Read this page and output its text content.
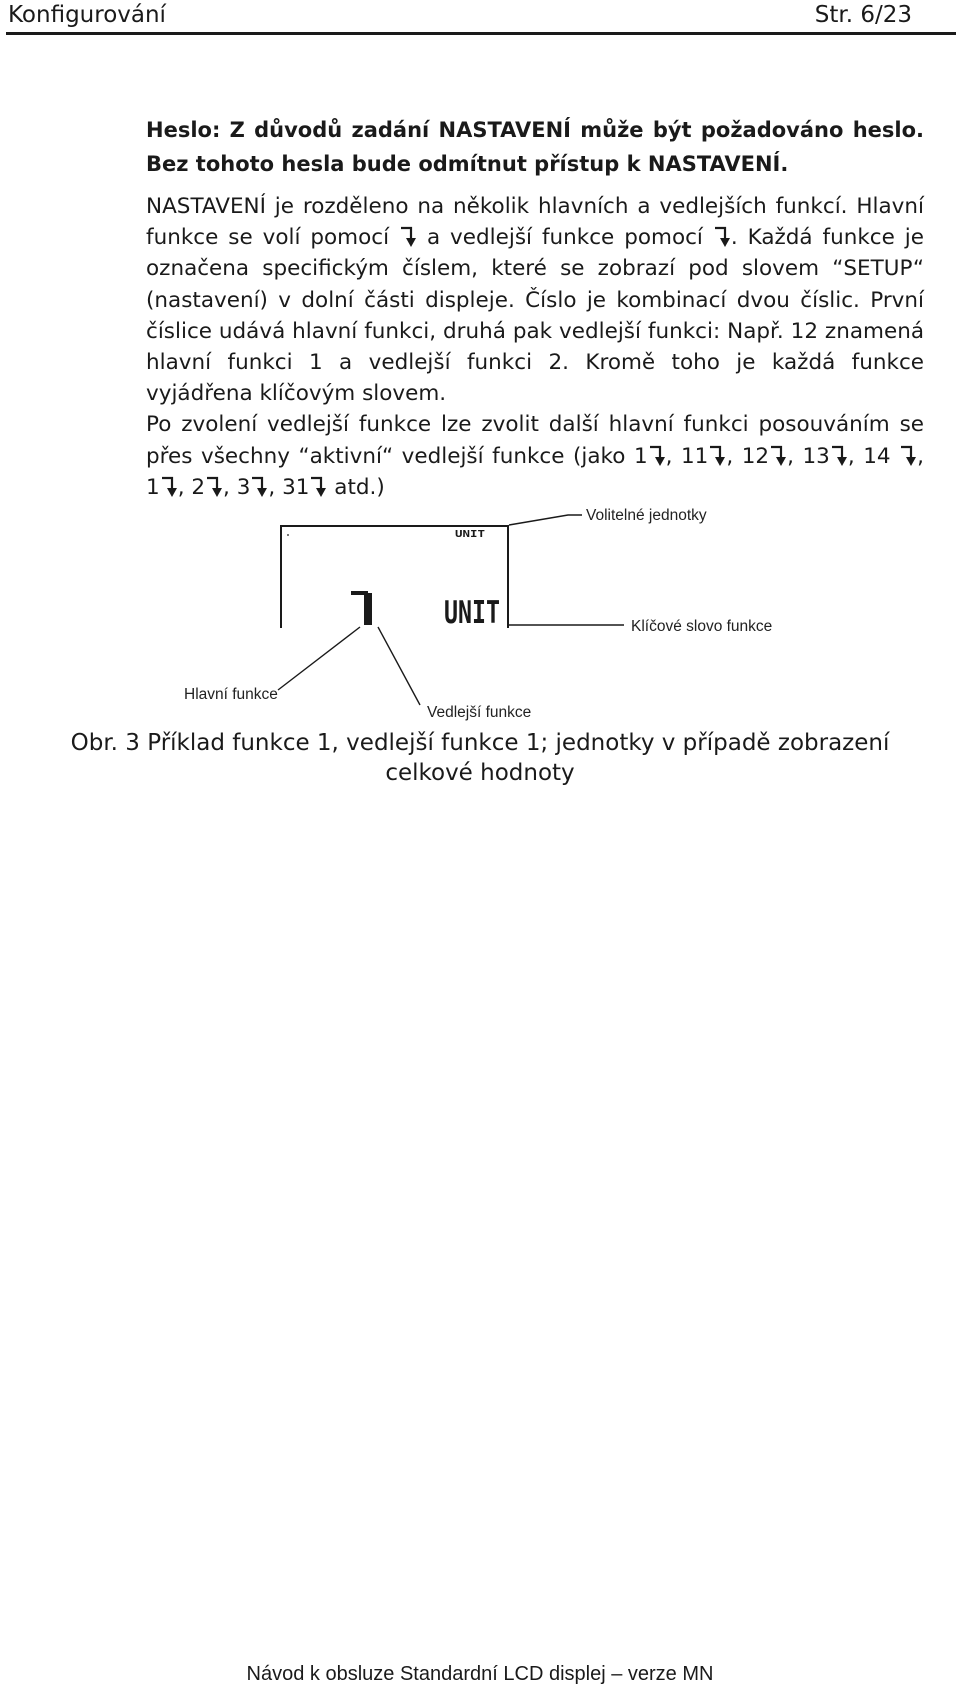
Konfigurování	Str. 6/23
Heslo: Z důvodů zadání NASTAVENÍ může být požadováno heslo. Bez tohoto hesla bude odmítnut přístup k NASTAVENÍ.

NASTAVENÍ je rozděleno na několik hlavních a vedlejších funkcí. Hlavní funkce se volí pomocí  a vedlejší funkce pomocí . Každá funkce je označena specifickým číslem, které se zobrazí pod slovem “SETUP“ (nastavení) v dolní části displeje. Číslo je kombinací dvou číslic. První číslice udává hlavní funkci, druhá pak vedlejší funkci: Např. 12 znamená hlavní funkci 1 a vedlejší funkci 2. Kromě toho je každá funkce vyjádřena klíčovým slovem.

Po zvolení vedlejší funkce lze zvolit další hlavní funkci posouváním se přes všechny “aktivní“ vedlejší funkce (jako 1 , 11 , 12 , 13 , 14 , 1 , 2 , 3 , 31 atd.)

UNIT
UNIT
Volitelné jednotky
Klíčové slovo funkce
Hlavní funkce
Vedlejší funkce
Obr. 3 Příklad funkce 1, vedlejší funkce 1; jednotky v případě zobrazení celkové hodnoty
Návod k obsluze Standardní LCD displej – verze MN
